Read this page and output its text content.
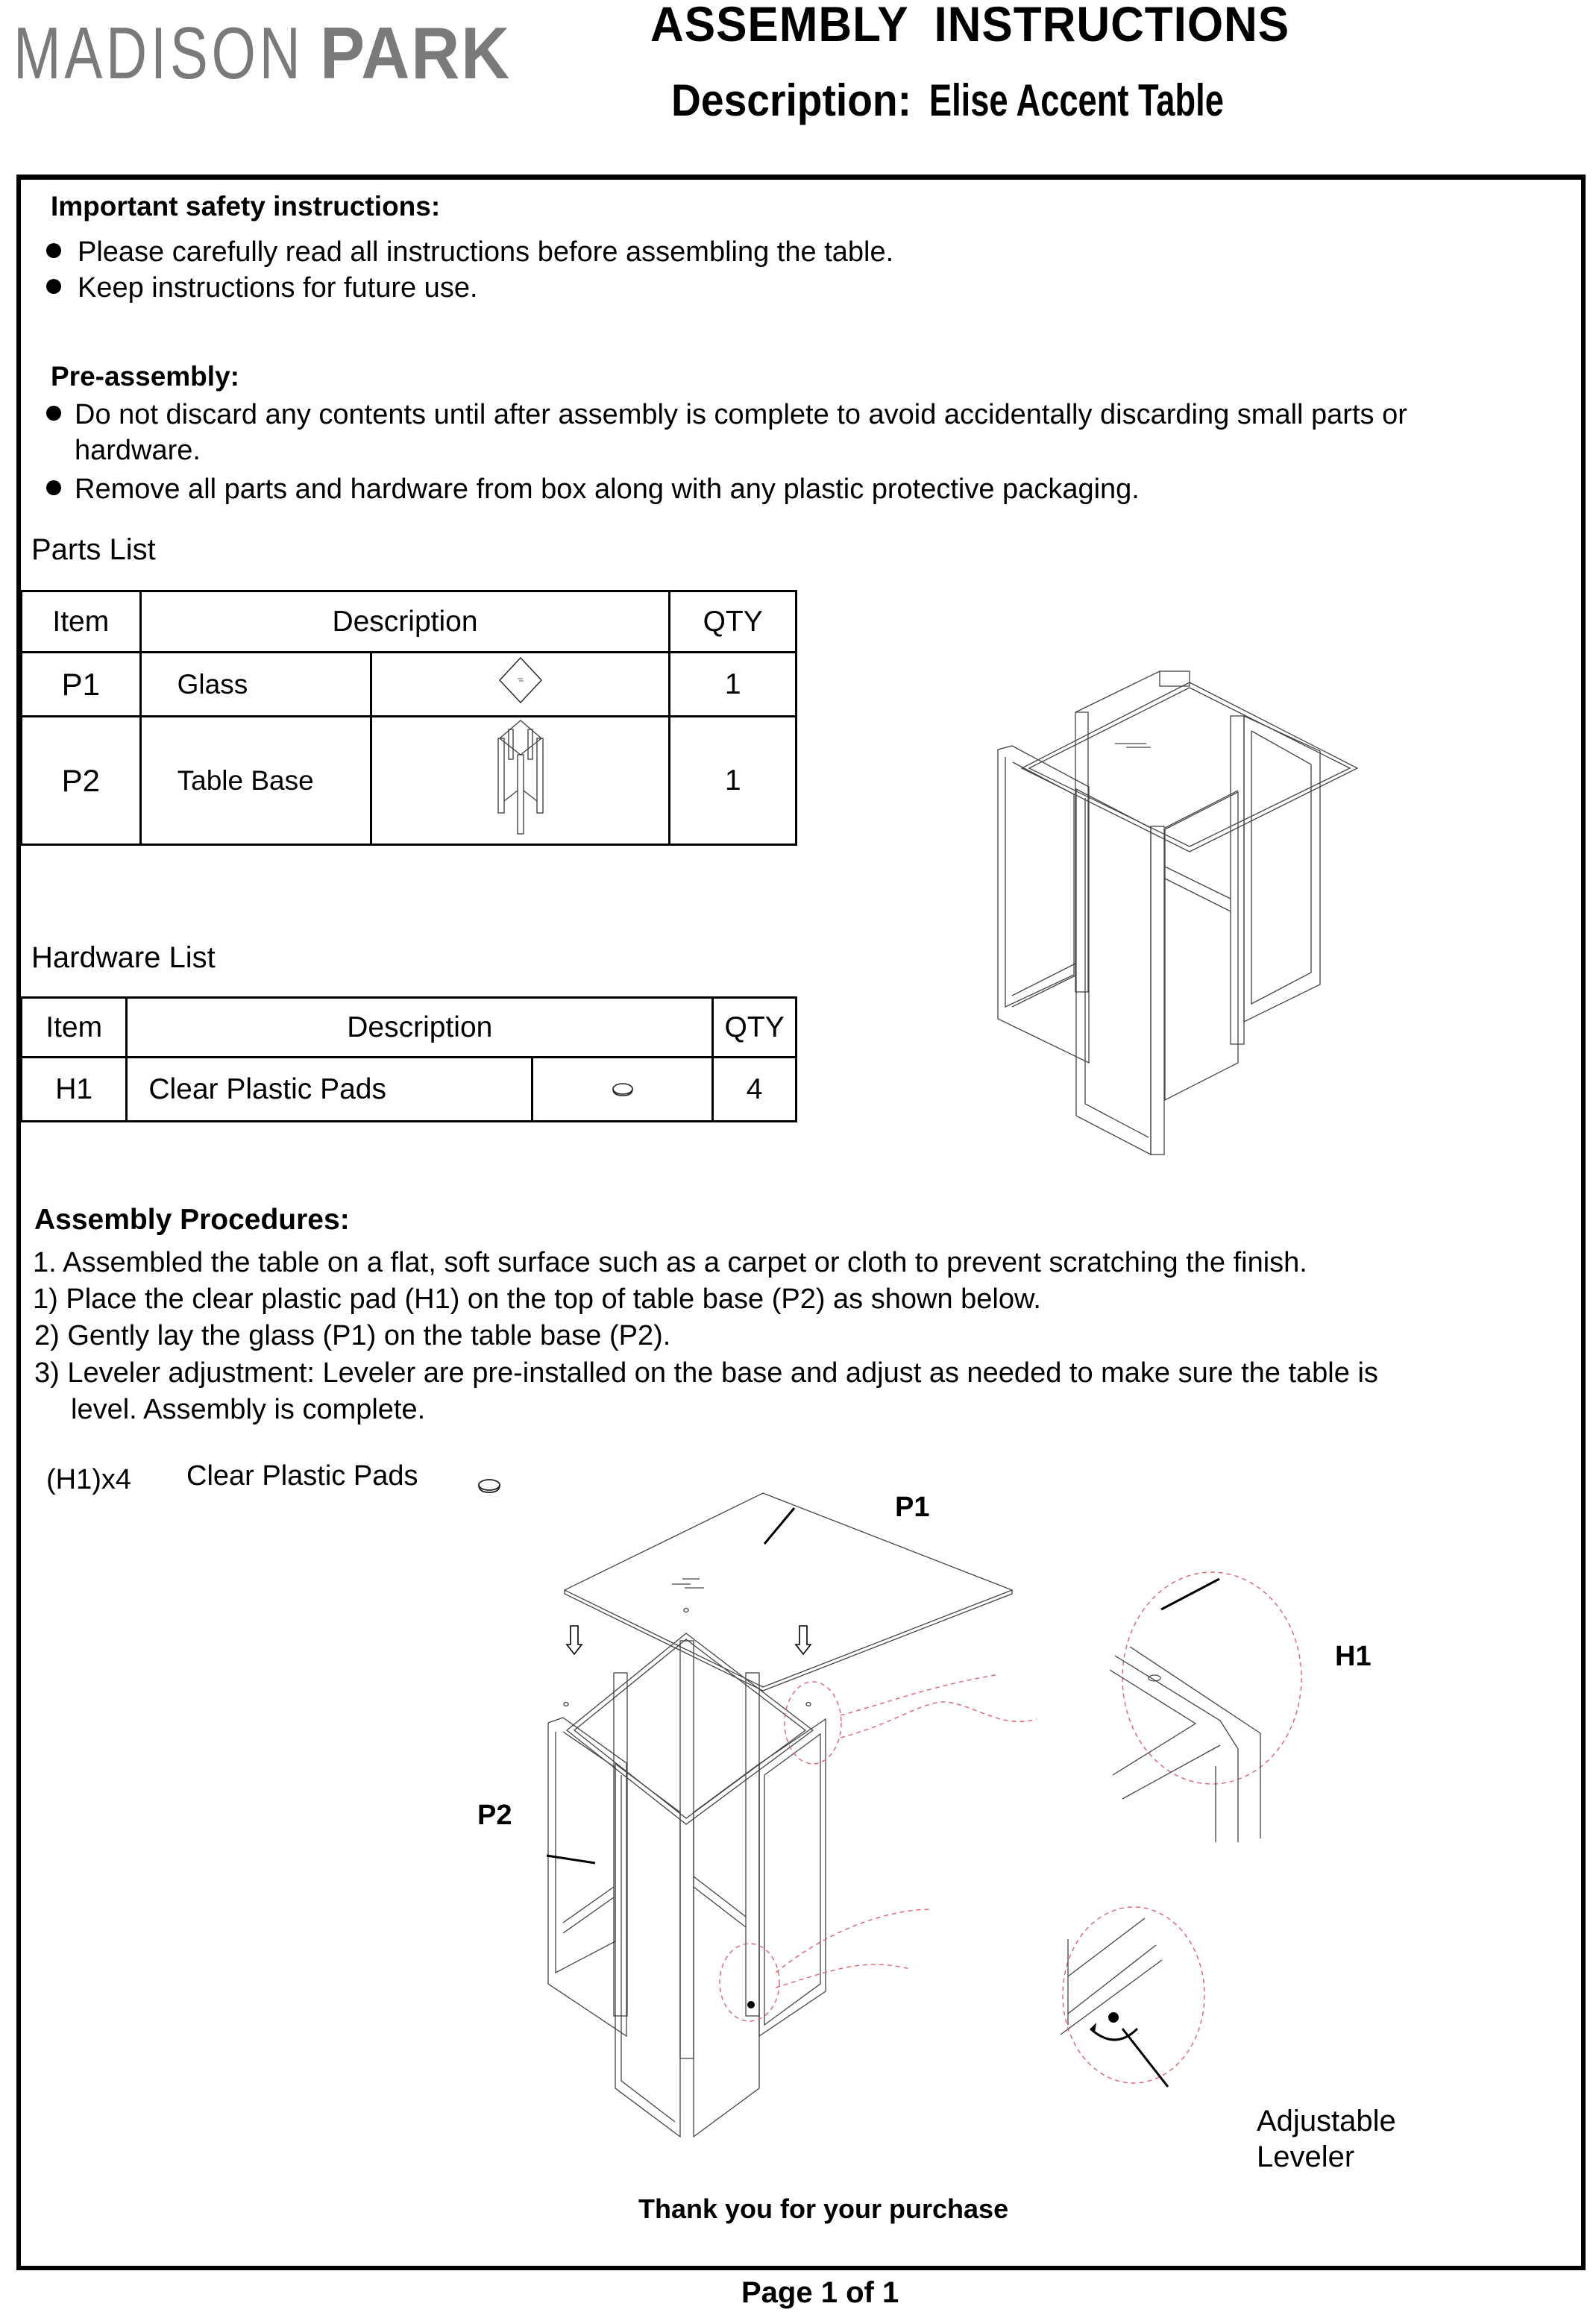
MADISON PARK	ASSEMBLY INSTRUCTIONS
Description: Elise Accent Table
Important safety instructions:
Please carefully read all instructions before assembling the table.
Keep instructions for future use.
Pre-assembly:
Do not discard any contents until after assembly is complete to avoid accidentally discarding small parts or
hardware.
Remove all parts and hardware from box along with any plastic protective packaging.
Parts List
Item	Description		QTY
P1	Glass		1
P2	Table Base		1
Hardware List
Item	Description		QTY
H1	Clear Plastic Pads		4
Assembly Procedures:
1. Assembled the table on a flat, soft surface such as a carpet or cloth to prevent scratching the finish.
1) Place the clear plastic pad (H1) on the top of table base (P2) as shown below.
2) Gently lay the glass (P1) on the table base (P2).
3) Leveler adjustment: Leveler are pre-installed on the base and adjust as needed to make sure the table is
level. Assembly is complete.
(H1)x4 Clear Plastic Pads
P1
P2
H1
Adjustable
Leveler
Thank you for your purchase
Page 1 of 1
